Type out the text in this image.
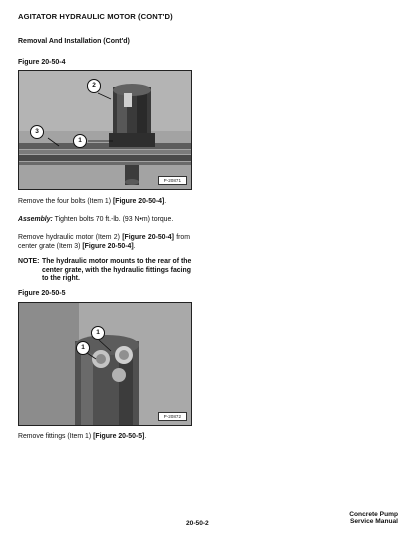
AGITATOR HYDRAULIC MOTOR (CONT'D)
Removal And Installation (Cont'd)
Figure 20-50-4
2
3
1
P-20871
Remove the four bolts (Item 1) [Figure 20-50-4].
Assembly: Tighten bolts 70 ft.-lb. (93 N•m) torque.
Remove hydraulic motor (Item 2) [Figure 20-50-4] from center grate (Item 3) [Figure 20-50-4].
NOTE: The hydraulic motor mounts to the rear of the center grate, with the hydraulic fittings facing to the right.
Figure 20-50-5
1
1
P-20872
Remove fittings (Item 1) [Figure 20-50-5].
20-50-2
Concrete Pump
Service Manual
